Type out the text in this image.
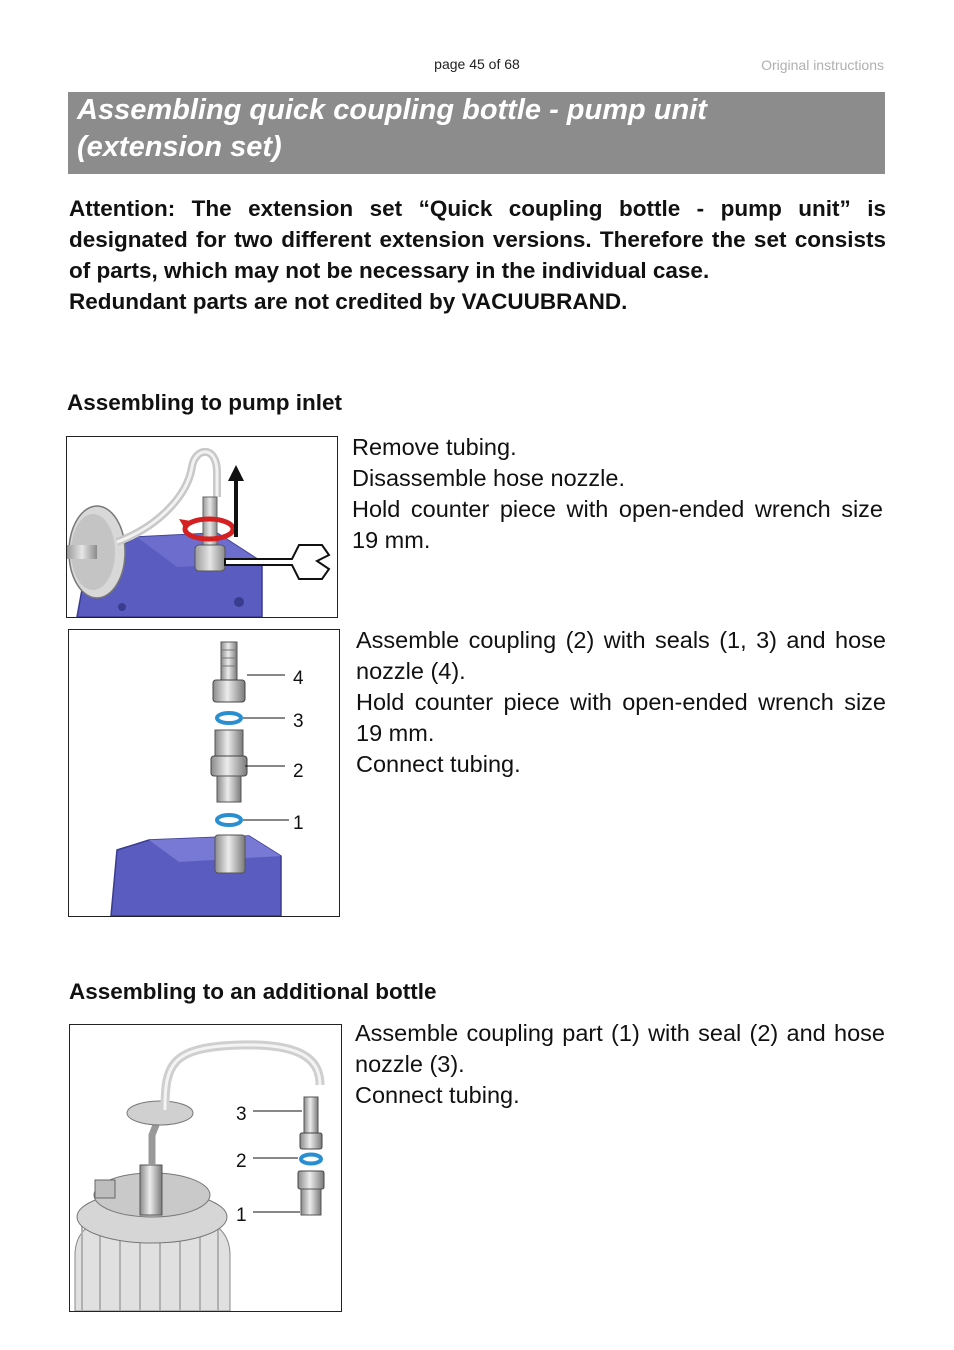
page 45 of 68	Original instructions
Assembling quick coupling bottle - pump unit
(extension set)

Attention: The extension set “Quick coupling bottle - pump unit” is designated for two different extension versions. Therefore the set consists of parts, which may not be necessary in the individual case.

Redundant parts are not credited by VACUUBRAND.

Assembling to pump inlet

Remove tubing.

Disassemble hose nozzle.

Hold counter piece with open-ended wrench size 19 mm.

4
3
2
1

Assemble coupling (2) with seals (1, 3) and hose nozzle (4).

Hold counter piece with open-ended wrench size 19 mm.

Connect tubing.

Assembling to an additional bottle
3
2
1

Assemble coupling part (1) with seal (2) and hose nozzle (3).

Connect tubing.
